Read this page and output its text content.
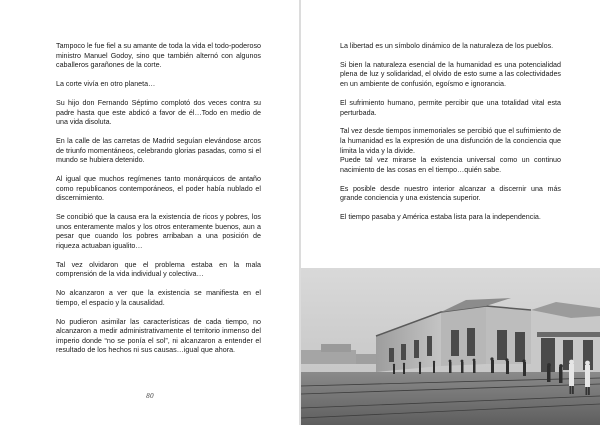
Tampoco le fue fiel a su amante de toda la vida el todo-poderoso ministro Manuel Godoy, sino que también alternó con algunos caballeros garañones de la corte.

La corte vivía en otro planeta…

Su hijo don Fernando Séptimo complotó dos veces contra su padre hasta que este abdicó a favor de él…Todo en medio de una vida disoluta.

En la calle de las carretas de Madrid seguían elevándose arcos de triunfo momentáneos, celebrando glorias pasadas, como si el mundo se hubiera detenido.

Al igual que muchos regímenes tanto monárquicos de antaño como republicanos contemporáneos, el poder había nublado el discernimiento.

Se concibió que la causa era la existencia de ricos y pobres, los unos enteramente malos y los otros enteramente buenos, aun a pesar que cuando los pobres arribaban a una posición de riqueza actuaban igualito…

Tal vez olvidaron que el problema estaba en la mala comprensión de la vida individual y colectiva…

No alcanzaron a ver que la existencia se manifiesta en el tiempo, el espacio y la causalidad.

No pudieron asimilar las características de cada tiempo, no alcanzaron a medir administrativamente el territorio inmenso del imperio donde “no se ponía el sol”, ni alcanzaron a entender el resultado de los hechos ni sus causas…igual que ahora.

80

La libertad es un símbolo dinámico de la naturaleza de los pueblos.

Si bien la naturaleza esencial de la humanidad es una potencialidad plena de luz y solidaridad, el olvido de esto sume a las colectividades en un ambiente de confusión, egoísmo e ignorancia.

El sufrimiento humano, permite percibir que una totalidad vital esta perturbada.

Tal vez desde tiempos inmemoriales se percibió que el sufrimiento de la humanidad es la expresión de una disfunción de la conciencia que limita la vida y la divide.

Puede tal vez mirarse la existencia universal como un continuo nacimiento de las cosas en el tiempo…quién sabe.

Es posible desde nuestro interior alcanzar a discernir una más grande conciencia y una existencia superior.

El tiempo pasaba y América estaba lista para la independencia.
